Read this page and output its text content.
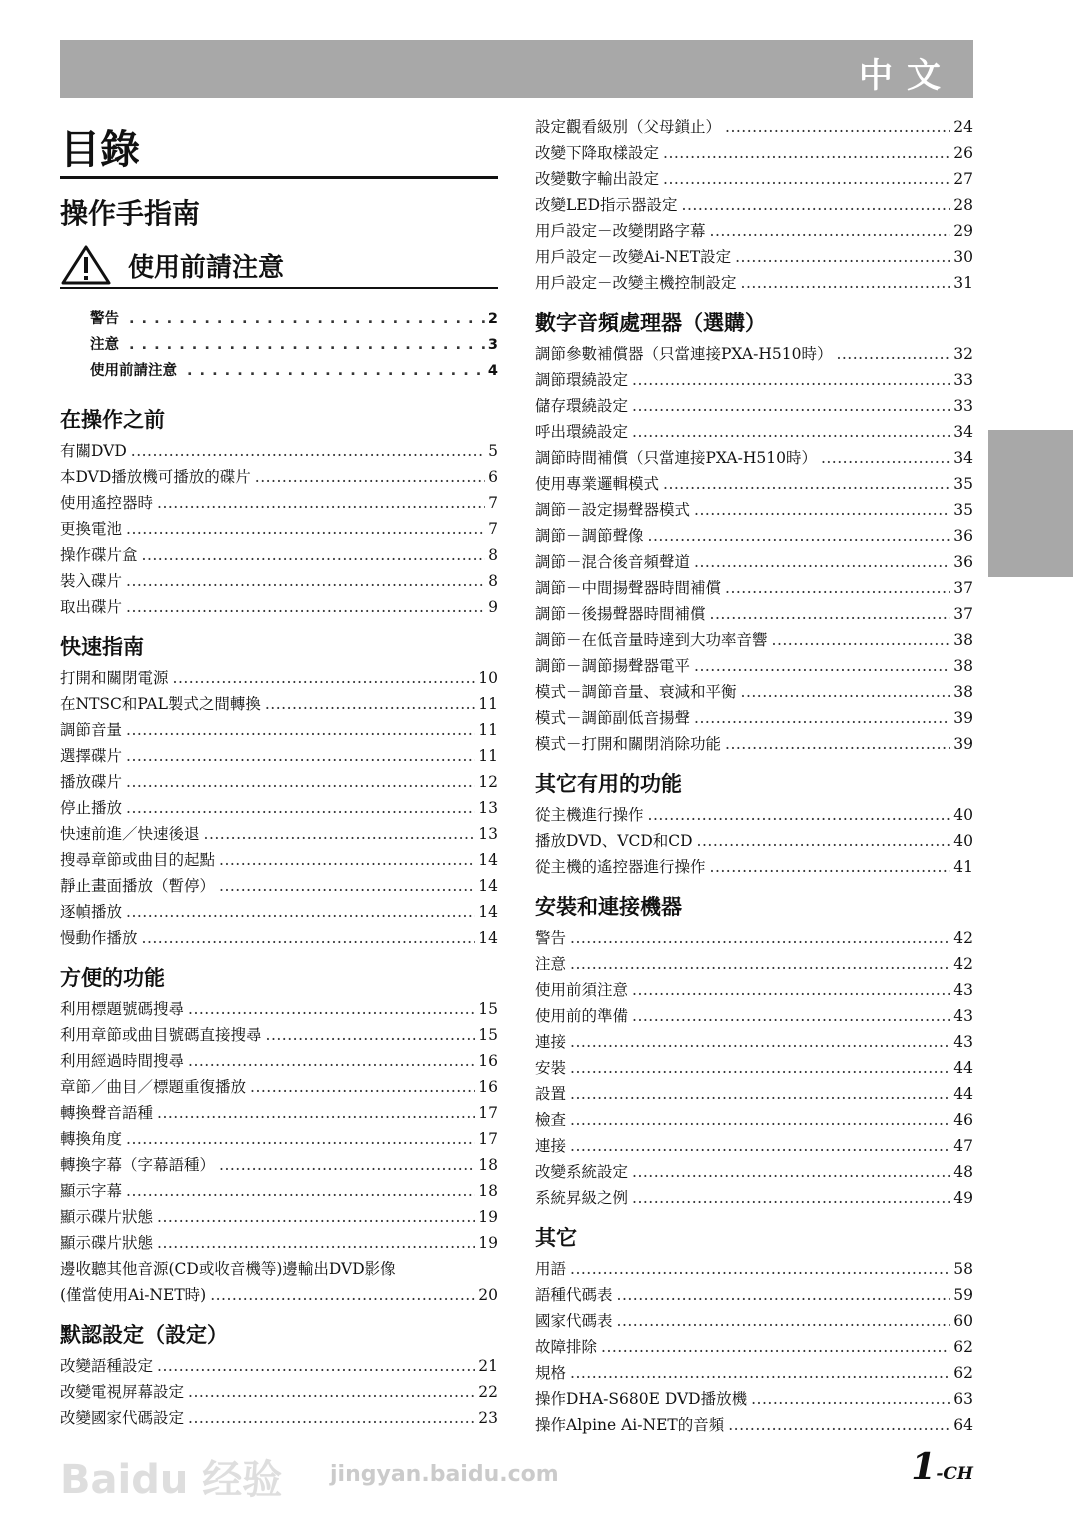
中文
目錄
操作手指南
使用前請注意
警告 . . .	2
注意 . . .	3
使用前請注意 . . .	4
在操作之前
有關DVD .....	5
本DVD播放機可播放的碟片 .....	6
使用遙控器時 .....	7
更換電池 .....	7
操作碟片盒 .....	8
裝入碟片 .....	8
取出碟片 .....	9
快速指南
打開和關閉電源 .....	10
在NTSC和PAL製式之間轉換 .....	11
調節音量 .....	11
選擇碟片 .....	11
播放碟片 .....	12
停止播放 .....	13
快速前進／快速後退 .....	13
搜尋章節或曲目的起點 .....	14
靜止畫面播放（暫停） .....	14
逐幀播放 .....	14
慢動作播放 .....	14
方便的功能
利用標題號碼搜尋 .....	15
利用章節或曲目號碼直接搜尋 .....	15
利用經過時間搜尋 .....	16
章節／曲目／標題重復播放 .....	16
轉換聲音語種 .....	17
轉換角度 .....	17
轉換字幕（字幕語種） .....	18
顯示字幕 .....	18
顯示碟片狀態 .....	19
顯示碟片狀態 .....	19
邊收聽其他音源(CD或收音機等)邊輸出DVD影像
(僅當使用Ai-NET時) .....	20
默認設定（設定）
改變語種設定 .....	21
改變電視屏幕設定 .....	22
改變國家代碼設定 .....	23
設定觀看級別（父母鎖止） .....	24
改變下降取樣設定 .....	26
改變數字輸出設定 .....	27
改變LED指示器設定 .....	28
用戶設定－改變閉路字幕 .....	29
用戶設定－改變Ai-NET設定 .....	30
用戶設定－改變主機控制設定 .....	31
數字音頻處理器（選購）
調節參數補償器（只當連接PXA-H510時） .....	32
調節環繞設定 .....	33
儲存環繞設定 .....	33
呼出環繞設定 .....	34
調節時間補償（只當連接PXA-H510時） .....	34
使用專業邏輯模式 .....	35
調節－設定揚聲器模式 .....	35
調節－調節聲像 .....	36
調節－混合後音頻聲道 .....	36
調節－中間揚聲器時間補償 .....	37
調節－後揚聲器時間補償 .....	37
調節－在低音量時達到大功率音響 .....	38
調節－調節揚聲器電平 .....	38
模式－調節音量、衰減和平衡 .....	38
模式－調節副低音揚聲 .....	39
模式－打開和關閉消除功能 .....	39
其它有用的功能
從主機進行操作 .....	40
播放DVD、VCD和CD .....	40
從主機的遙控器進行操作 .....	41
安裝和連接機器
警告 .....	42
注意 .....	42
使用前須注意 .....	43
使用前的準備 .....	43
連接 .....	43
安裝 .....	44
設置 .....	44
檢查 .....	46
連接 .....	47
改變系統設定 .....	48
系統昇級之例 .....	49
其它
用語 .....	58
語種代碼表 .....	59
國家代碼表 .....	60
故障排除 .....	62
規格 .....	62
操作DHA-S680E DVD播放機 .....	63
操作Alpine Ai-NET的音頻 .....	64
Baidu 经验 jingyan.baidu.com	1-CH
